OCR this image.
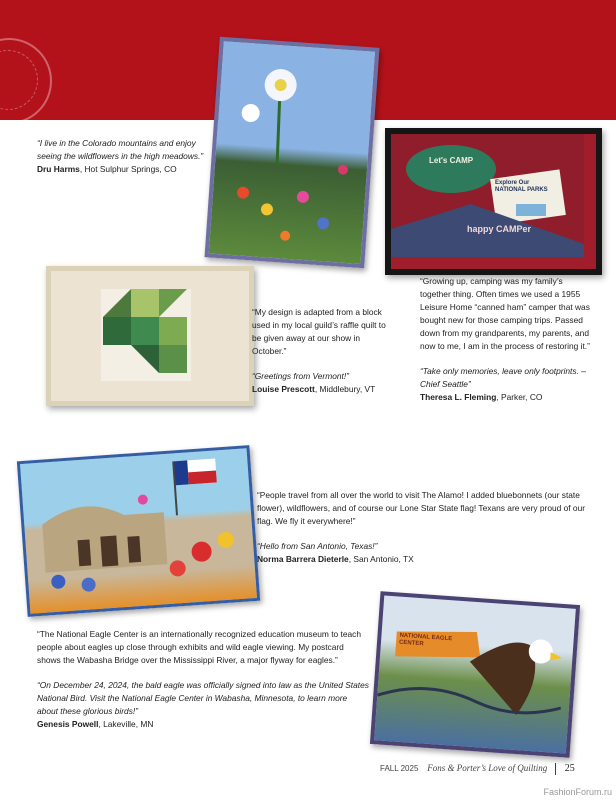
Let's CAMP
happy CAMPer
Explore Our NATIONAL PARKS
NATIONAL EAGLE CENTER

“I live in the Colorado mountains and enjoy seeing the wildflowers in the high meadows.”

Dru Harms, Hot Sulphur Springs, CO

“Growing up, camping was my family’s together thing. Often times we used a 1955 Leisure Home “canned ham” camper that was bought new for those camping trips. Passed down from my grandparents, my parents, and now to me, I am in the process of restoring it.”

“Take only memories, leave only footprints. –Chief Seattle”

Theresa L. Fleming, Parker, CO

“My design is adapted from a block used in my local guild’s raffle quilt to be given away at our show in October.”

“Greetings from Vermont!”

Louise Prescott, Middlebury, VT

“People travel from all over the world to visit The Alamo! I added bluebonnets (our state flower), wildflowers, and of course our Lone Star State flag! Texans are very proud of our flag. We fly it everywhere!”

“Hello from San Antonio, Texas!”

Norma Barrera Dieterle, San Antonio, TX

“The National Eagle Center is an internationally recognized education museum to teach people about eagles up close through exhibits and wild eagle viewing. My postcard shows the Wabasha Bridge over the Mississippi River, a major flyway for eagles.”

“On December 24, 2024, the bald eagle was officially signed into law as the United States National Bird. Visit the National Eagle Center in Wabasha, Minnesota, to learn more about these glorious birds!”

Genesis Powell, Lakeville, MN

FALL 2025 Fons & Porter’s Love of Quilting 25
FashionForum.ru
